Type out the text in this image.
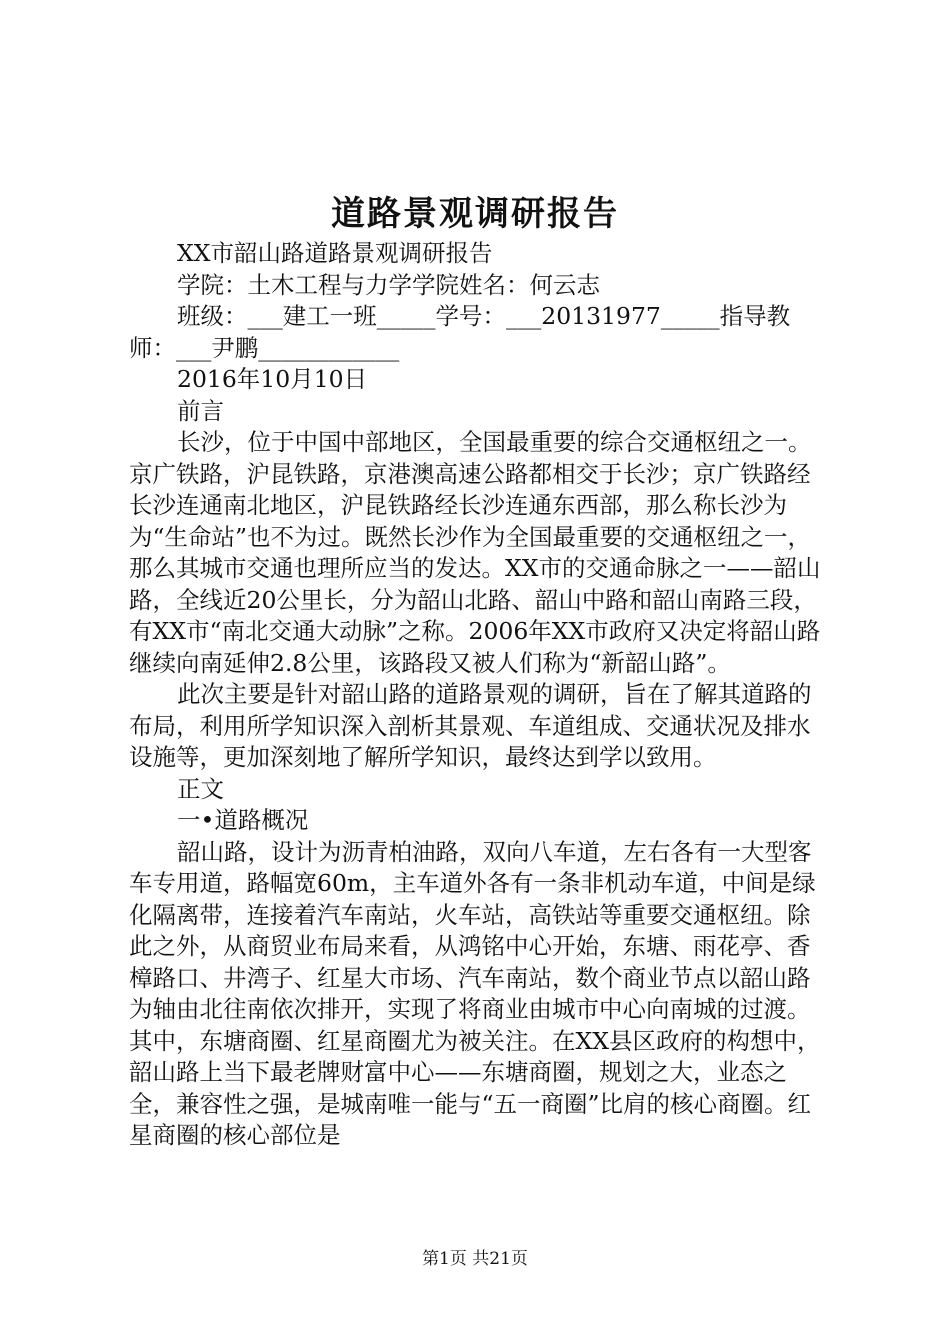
道路景观调研报告

XX市韶山路道路景观调研报告

学院：土木工程与力学学院姓名：何云志

班级：___建工一班_____学号：___20131977_____指导教师：___尹鹏____________

2016年10月10日

前言

长沙，位于中国中部地区，全国最重要的综合交通枢纽之一。京广铁路，沪昆铁路，京港澳高速公路都相交于长沙；京广铁路经长沙连通南北地区，沪昆铁路经长沙连通东西部，那么称长沙为为“生命站”也不为过。既然长沙作为全国最重要的交通枢纽之一，那么其城市交通也理所应当的发达。XX市的交通命脉之一——韶山路，全线近20公里长，分为韶山北路、韶山中路和韶山南路三段，有XX市“南北交通大动脉”之称。2006年XX市政府又决定将韶山路继续向南延伸2.8公里，该路段又被人们称为“新韶山路”。

此次主要是针对韶山路的道路景观的调研，旨在了解其道路的布局，利用所学知识深入剖析其景观、车道组成、交通状况及排水设施等，更加深刻地了解所学知识，最终达到学以致用。

正文

一•道路概况

韶山路，设计为沥青柏油路，双向八车道，左右各有一大型客车专用道，路幅宽60m，主车道外各有一条非机动车道，中间是绿化隔离带，连接着汽车南站，火车站，高铁站等重要交通枢纽。除此之外，从商贸业布局来看，从鸿铭中心开始，东塘、雨花亭、香樟路口、井湾子、红星大市场、汽车南站，数个商业节点以韶山路为轴由北往南依次排开，实现了将商业由城市中心向南城的过渡。其中，东塘商圈、红星商圈尤为被关注。在XX县区政府的构想中，韶山路上当下最老牌财富中心——东塘商圈，规划之大，业态之全，兼容性之强，是城南唯一能与“五一商圈”比肩的核心商圈。红星商圈的核心部位是

第1页 共21页
